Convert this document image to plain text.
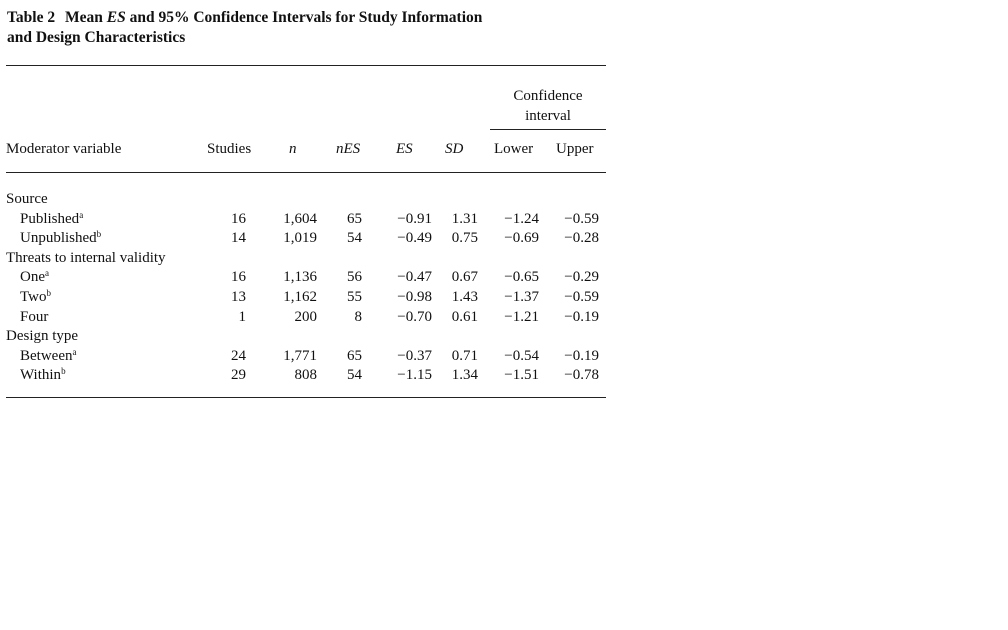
Table 2 Mean ES and 95% Confidence Intervals for Study Information
and Design Characteristics
Confidence
interval
Moderator variable	Studies	n	nES ES SD Lower Upper
Source
Published$^a$	16 1,604 65 −0.91 1.31 −1.24 −0.59
Unpublished$^b$	14 1,019 54 −0.49 0.75 −0.69 −0.28
Threats to internal validity
One$^a$	16 1,136 56 −0.47 0.67 −0.65 −0.29
Two$^b$	13 1,162 55 −0.98 1.43 −1.37 −0.59
Four	1	200	8 −0.70 0.61 −1.21 −0.19
Design type
Between$^a$	24 1,771 65 −0.37 0.71 −0.54 −0.19
Within$^b$	29	808 54 −1.15 1.34 −1.51 −0.78
